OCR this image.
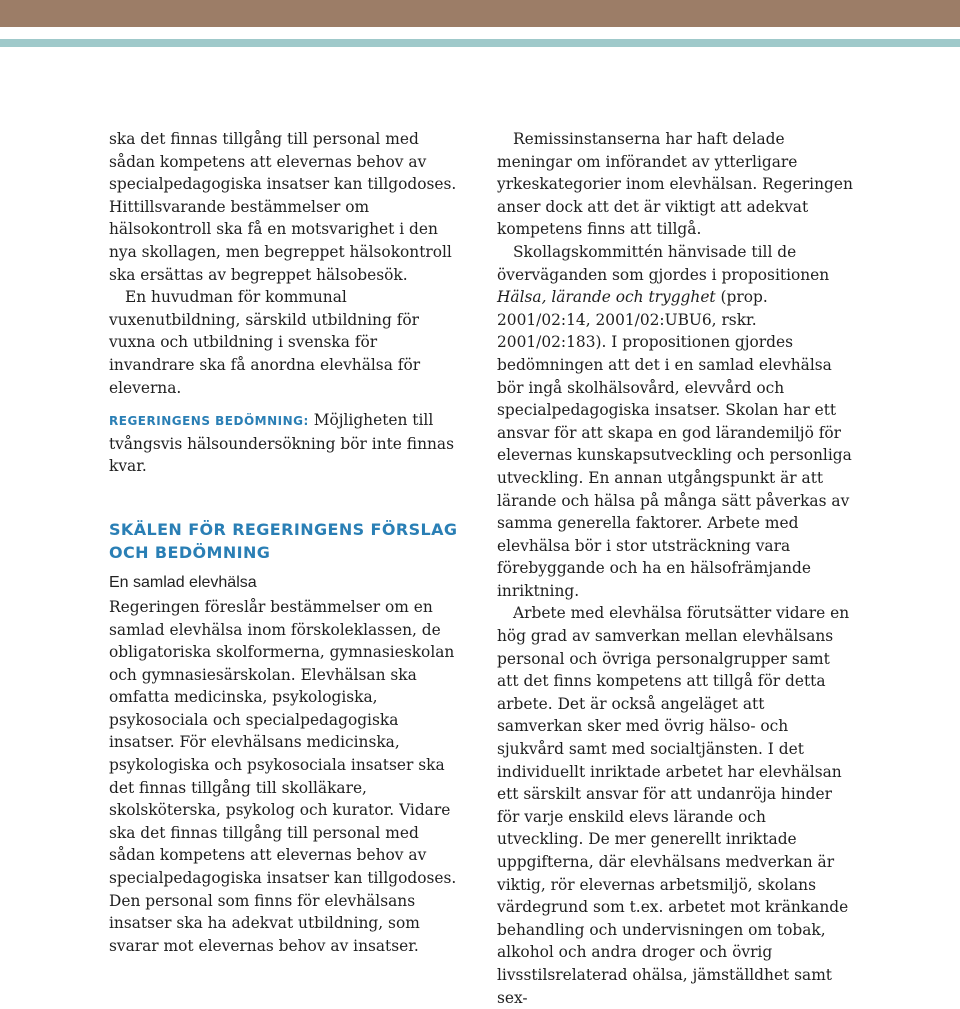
ska det finnas tillgång till personal med sådan kompetens att elevernas behov av specialpedagogiska insatser kan tillgodoses. Hittillsvarande bestämmelser om hälsokontroll ska få en motsvarighet i den nya skollagen, men begreppet hälsokontroll ska ersättas av begreppet hälsobesök.

En huvudman för kommunal vuxenutbildning, särskild utbildning för vuxna och utbildning i svenska för invandrare ska få anordna elevhälsa för eleverna.

REGERINGENS BEDÖMNING: Möjligheten till tvångsvis hälsoundersökning bör inte finnas kvar.

SKÄLEN FÖR REGERINGENS FÖRSLAG OCH BEDÖMNING
En samlad elevhälsa

Regeringen föreslår bestämmelser om en samlad elevhälsa inom förskoleklassen, de obligatoriska skolformerna, gymnasieskolan och gymnasiesärskolan. Elevhälsan ska omfatta medicinska, psykologiska, psykosociala och specialpedagogiska insatser. För elevhälsans medicinska, psykologiska och psykosociala insatser ska det finnas tillgång till skolläkare, skolsköterska, psykolog och kurator. Vidare ska det finnas tillgång till personal med sådan kompetens att elevernas behov av specialpedagogiska insatser kan tillgodoses. Den personal som finns för elevhälsans insatser ska ha adekvat utbildning, som svarar mot elevernas behov av insatser.

Remissinstanserna har haft delade meningar om införandet av ytterligare yrkeskategorier inom elevhälsan. Regeringen anser dock att det är viktigt att adekvat kompetens finns att tillgå.

Skollagskommittén hänvisade till de överväganden som gjordes i propositionen Hälsa, lärande och trygghet (prop. 2001/02:14, 2001/02:UBU6, rskr. 2001/02:183). I propositionen gjordes bedömningen att det i en samlad elevhälsa bör ingå skolhälsovård, elevvård och specialpedagogiska insatser. Skolan har ett ansvar för att skapa en god lärandemiljö för elevernas kunskapsutveckling och personliga utveckling. En annan utgångspunkt är att lärande och hälsa på många sätt påverkas av samma generella faktorer. Arbete med elevhälsa bör i stor utsträckning vara förebyggande och ha en hälsofrämjande inriktning.

Arbete med elevhälsa förutsätter vidare en hög grad av samverkan mellan elevhälsans personal och övriga personalgrupper samt att det finns kompetens att tillgå för detta arbete. Det är också angeläget att samverkan sker med övrig hälso- och sjukvård samt med socialtjänsten. I det individuellt inriktade arbetet har elevhälsan ett särskilt ansvar för att undanröja hinder för varje enskild elevs lärande och utveckling. De mer generellt inriktade uppgifterna, där elevhälsans medverkan är viktig, rör elevernas arbetsmiljö, skolans värdegrund som t.ex. arbetet mot kränkande behandling och undervisningen om tobak, alkohol och andra droger och övrig livsstilsrelaterad ohälsa, jämställdhet samt sex-
